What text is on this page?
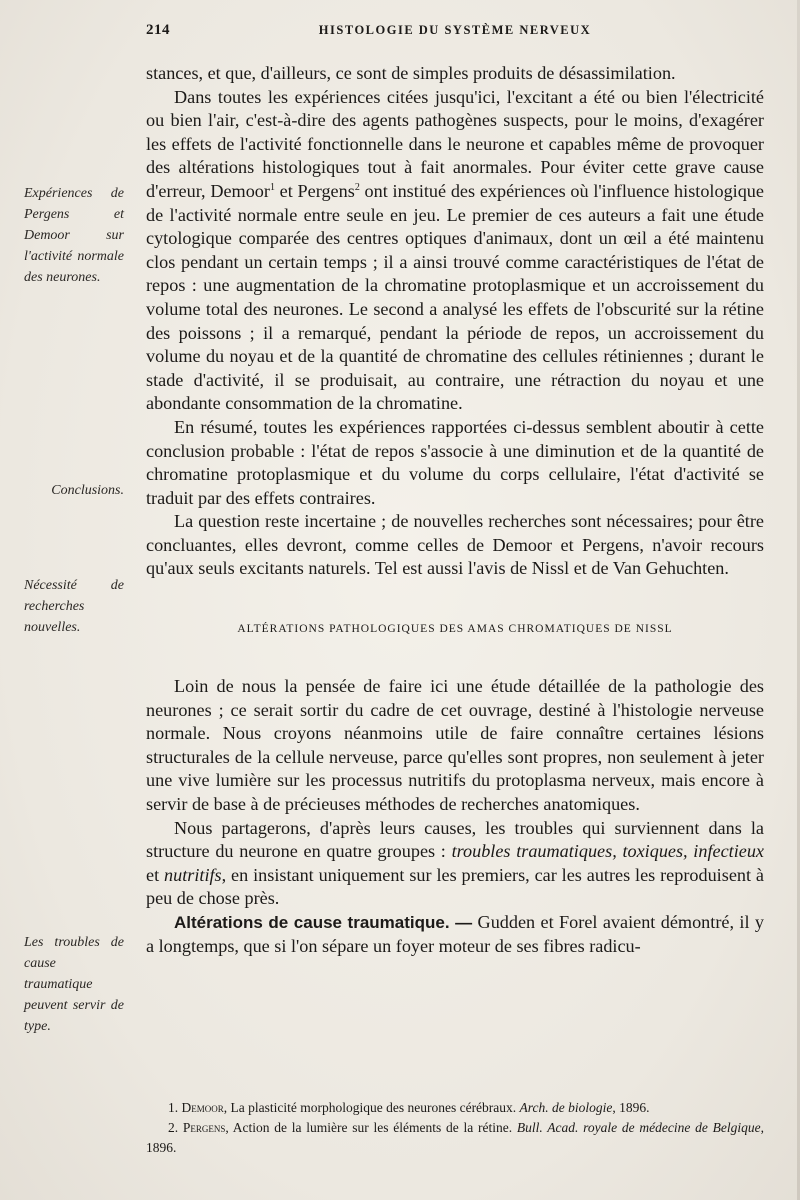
214	HISTOLOGIE DU SYSTÈME NERVEUX

stances, et que, d'ailleurs, ce sont de simples produits de désassimilation.

Dans toutes les expériences citées jusqu'ici, l'excitant a été ou bien l'électricité ou bien l'air, c'est-à-dire des agents pathogènes suspects, pour le moins, d'exagérer les effets de l'activité fonctionnelle dans le neurone et capables même de provoquer des altérations histologiques tout à fait anormales. Pour éviter cette grave cause d'erreur, Demoor$^1$ et Pergens$^2$ ont institué des expériences où l'influence histologique de l'activité normale entre seule en jeu. Le premier de ces auteurs a fait une étude cytologique comparée des centres optiques d'animaux, dont un œil a été maintenu clos pendant un certain temps ; il a ainsi trouvé comme caractéristiques de l'état de repos : une augmentation de la chromatine protoplasmique et un accroissement du volume total des neurones. Le second a analysé les effets de l'obscurité sur la rétine des poissons ; il a remarqué, pendant la période de repos, un accroissement du volume du noyau et de la quantité de chromatine des cellules rétiniennes ; durant le stade d'activité, il se produisait, au contraire, une rétraction du noyau et une abondante consommation de la chromatine.

En résumé, toutes les expériences rapportées ci-dessus semblent aboutir à cette conclusion probable : l'état de repos s'associe à une diminution et de la quantité de chromatine protoplasmique et du volume du corps cellulaire, l'état d'activité se traduit par des effets contraires.

La question reste incertaine ; de nouvelles recherches sont nécessaires; pour être concluantes, elles devront, comme celles de Demoor et Pergens, n'avoir recours qu'aux seuls excitants naturels. Tel est aussi l'avis de Nissl et de Van Gehuchten.

ALTÉRATIONS PATHOLOGIQUES DES AMAS CHROMATIQUES DE NISSL

Loin de nous la pensée de faire ici une étude détaillée de la pathologie des neurones ; ce serait sortir du cadre de cet ouvrage, destiné à l'histologie nerveuse normale. Nous croyons néanmoins utile de faire connaître certaines lésions structurales de la cellule nerveuse, parce qu'elles sont propres, non seulement à jeter une vive lumière sur les processus nutritifs du protoplasma nerveux, mais encore à servir de base à de précieuses méthodes de recherches anatomiques.

Nous partagerons, d'après leurs causes, les troubles qui surviennent dans la structure du neurone en quatre groupes : troubles traumatiques, toxiques, infectieux et nutritifs, en insistant uniquement sur les premiers, car les autres les reproduisent à peu de chose près.

Altérations de cause traumatique. — Gudden et Forel avaient démontré, il y a longtemps, que si l'on sépare un foyer moteur de ses fibres radicu-

Expériences de Pergens et Demoor sur l'activité normale des neurones.

Conclusions.

Nécessité de recherches nouvelles.

Les troubles de cause traumatique peuvent servir de type.

1. Demoor, La plasticité morphologique des neurones cérébraux. Arch. de biologie, 1896.

2. Pergens, Action de la lumière sur les éléments de la rétine. Bull. Acad. royale de médecine de Belgique, 1896.
